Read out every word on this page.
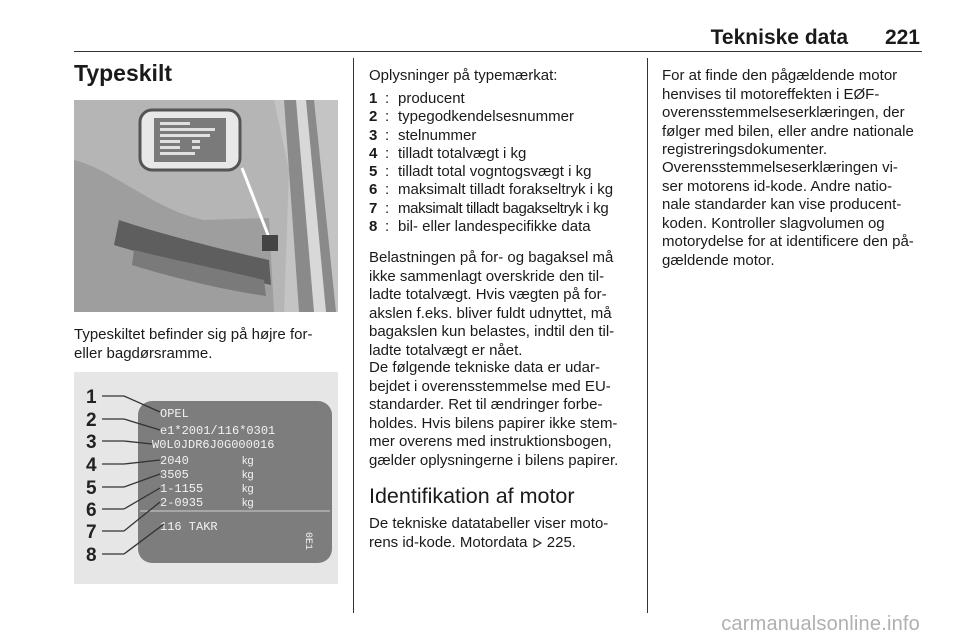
Tekniske data 221
Typeskilt
Typeskiltet befinder sig på højre for-
eller bagdørsramme.
OPEL
e1*2001/116*0301
W0L0JDR6J0G000016
2040
3505
1-1155
2-0935
116 TAKR
0E1
kg
kg
kg
kg
1
2
3
4
5
6
7
8
Oplysninger på typemærkat:
1 : producent
2 : typegodkendelsesnummer
3 : stelnummer
4 : tilladt totalvægt i kg
5 : tilladt total vogntogsvægt i kg
6 : maksimalt tilladt forakseltryk i kg
7 : maksimalt tilladt bagakseltryk i kg
8 : bil- eller landespecifikke data
Belastningen på for- og bagaksel må
ikke sammenlagt overskride den til-
ladte totalvægt. Hvis vægten på for-
akslen f.eks. bliver fuldt udnyttet, må
bagakslen kun belastes, indtil den til-
ladte totalvægt er nået.
De følgende tekniske data er udar-
bejdet i overensstemmelse med EU-
standarder. Ret til ændringer forbe-
holdes. Hvis bilens papirer ikke stem-
mer overens med instruktionsbogen,
gælder oplysningerne i bilens papirer.
Identifikation af motor
De tekniske datatabeller viser moto-
rens id-kode. Motordata 225.
For at finde den pågældende motor
henvises til motoreffekten i EØF-
overensstemmelseserklæringen, der
følger med bilen, eller andre nationale
registreringsdokumenter.
Overensstemmelseserklæringen vi-
ser motorens id-kode. Andre natio-
nale standarder kan vise producent-
koden. Kontroller slagvolumen og
motorydelse for at identificere den på-
gældende motor.
carmanualsonline.info
